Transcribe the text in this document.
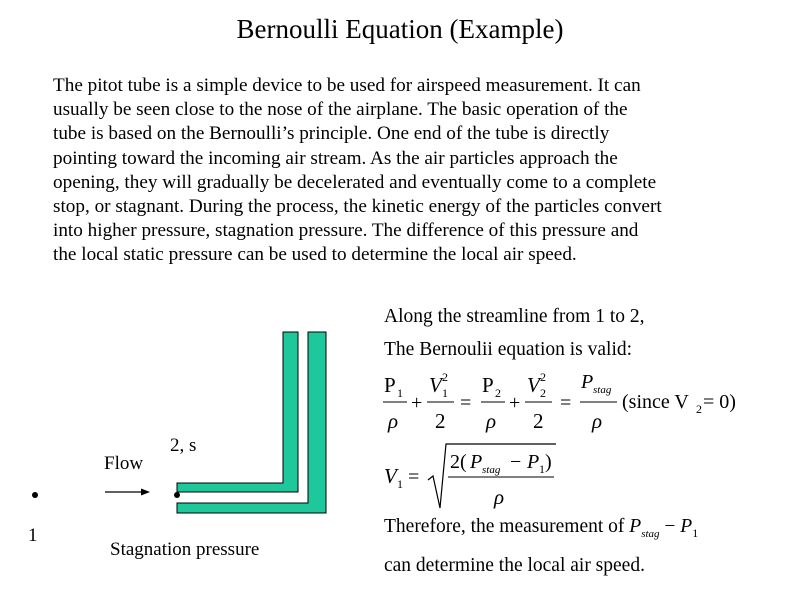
Bernoulli Equation (Example)
The pitot tube is a simple device to be used for airspeed measurement. It can
usually be seen close to the nose of the airplane. The basic operation of the
tube is based on the Bernoulli’s principle. One end of the tube is directly
pointing toward the incoming air stream. As the air particles approach the
opening, they will gradually be decelerated and eventually come to a complete
stop, or stagnant. During the process, the kinetic energy of the particles convert
into higher pressure, stagnation pressure. The difference of this pressure and
the local static pressure can be used to determine the local air speed.
Flow
2, s
1
Stagnation pressure
Along the streamline from 1 to 2,
The Bernoulii equation is valid:
P 1
ρ
+
V 2
1
2
=
P 2
ρ
+
V 2
2
2
=
P stag
ρ
(since V 2 = 0)
V 1 =
2( P stag − P 1 )
ρ
Therefore, the measurement of $P_{stag} - P_1$
can determine the local air speed.
